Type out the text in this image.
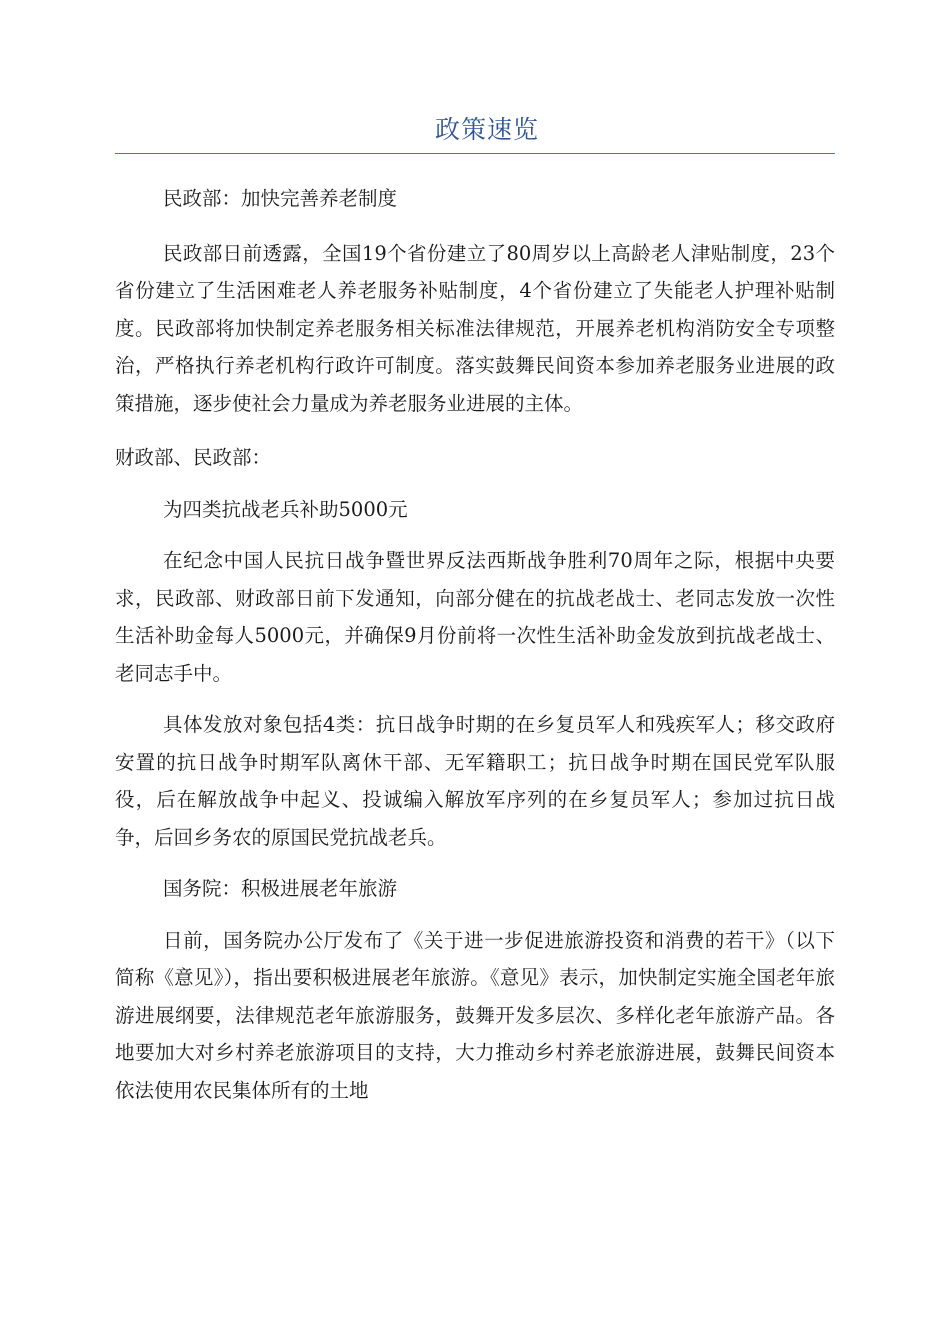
政策速览

民政部：加快完善养老制度

民政部日前透露，全国19个省份建立了80周岁以上高龄老人津贴制度，23个省份建立了生活困难老人养老服务补贴制度，4个省份建立了失能老人护理补贴制度。民政部将加快制定养老服务相关标准法律规范，开展养老机构消防安全专项整治，严格执行养老机构行政许可制度。落实鼓舞民间资本参加养老服务业进展的政策措施，逐步使社会力量成为养老服务业进展的主体。

财政部、民政部：

为四类抗战老兵补助5000元

在纪念中国人民抗日战争暨世界反法西斯战争胜利70周年之际，根据中央要求，民政部、财政部日前下发通知，向部分健在的抗战老战士、老同志发放一次性生活补助金每人5000元，并确保9月份前将一次性生活补助金发放到抗战老战士、老同志手中。

具体发放对象包括4类：抗日战争时期的在乡复员军人和残疾军人；移交政府安置的抗日战争时期军队离休干部、无军籍职工；抗日战争时期在国民党军队服役，后在解放战争中起义、投诚编入解放军序列的在乡复员军人；参加过抗日战争，后回乡务农的原国民党抗战老兵。

国务院：积极进展老年旅游

日前，国务院办公厅发布了《关于进一步促进旅游投资和消费的若干》（以下简称《意见》），指出要积极进展老年旅游。《意见》表示，加快制定实施全国老年旅游进展纲要，法律规范老年旅游服务，鼓舞开发多层次、多样化老年旅游产品。各地要加大对乡村养老旅游项目的支持，大力推动乡村养老旅游进展，鼓舞民间资本依法使用农民集体所有的土地
